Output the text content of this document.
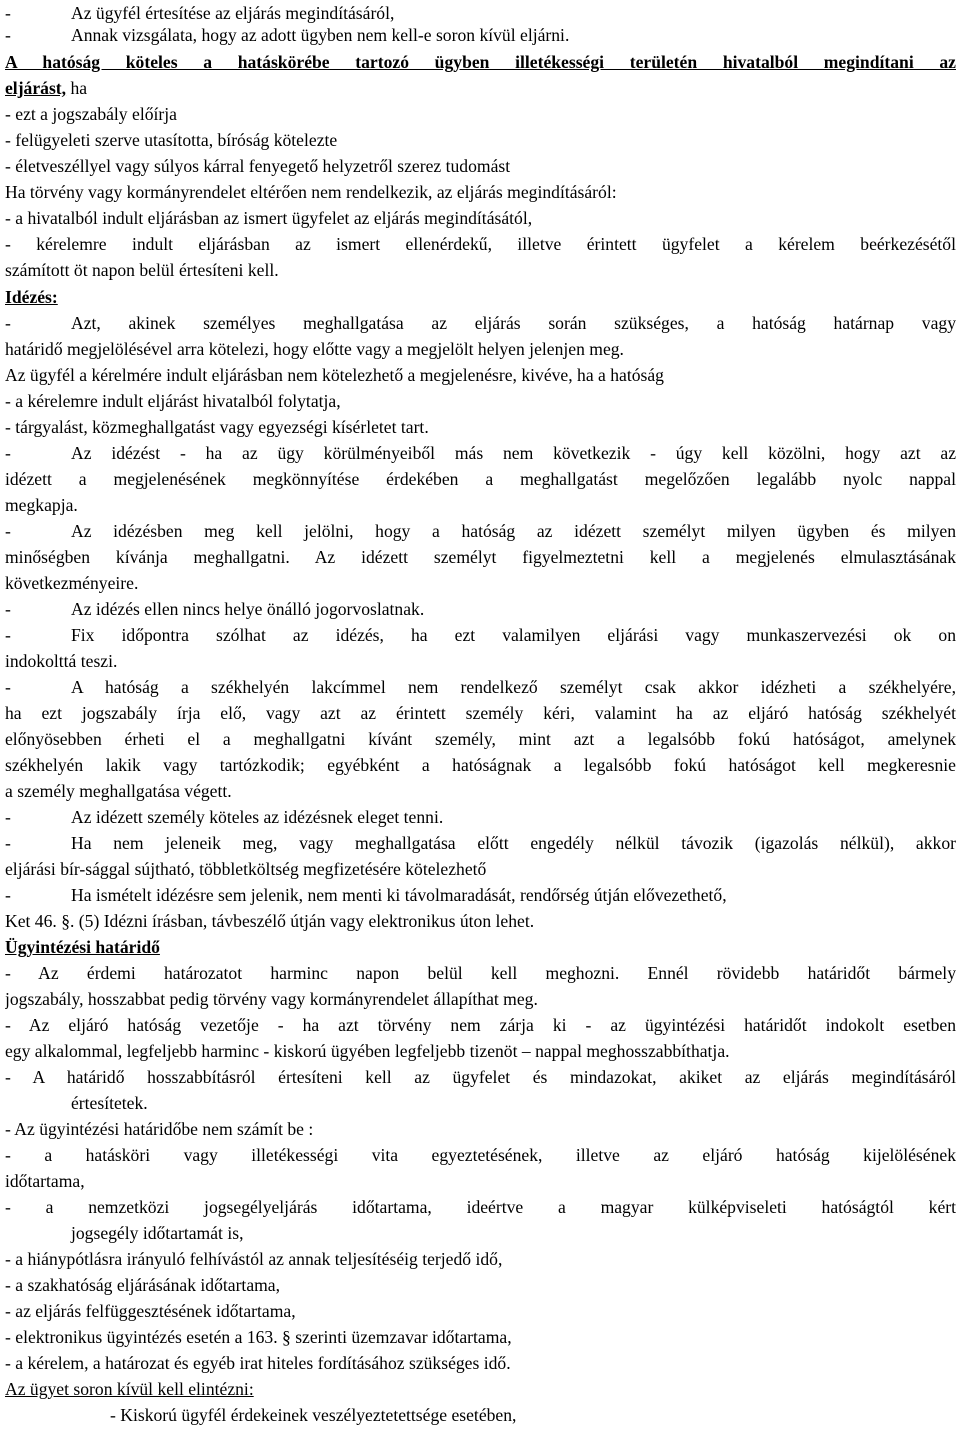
-	Az ügyfél értesítése az eljárás megindításáról,
-	Annak vizsgálata, hogy az adott ügyben nem kell-e soron kívül eljárni.
A hatóság köteles a hatáskörébe tartozó ügyben illetékességi területén hivatalból megindítani az
eljárást, ha
- ezt a jogszabály előírja
- felügyeleti szerve utasította, bíróság kötelezte
- életveszéllyel vagy súlyos kárral fenyegető helyzetről szerez tudomást
Ha törvény vagy kormányrendelet eltérően nem rendelkezik, az eljárás megindításáról:
- a hivatalból indult eljárásban az ismert ügyfelet az eljárás megindításától,
- kérelemre indult eljárásban az ismert ellenérdekű, illetve érintett ügyfelet a kérelem beérkezésétől
számított öt napon belül értesíteni kell.
Idézés:
-	Azt, akinek személyes meghallgatása az eljárás során szükséges, a hatóság határnap vagy
határidő megjelölésével arra kötelezi, hogy előtte vagy a megjelölt helyen jelenjen meg.
Az ügyfél a kérelmére indult eljárásban nem kötelezhető a megjelenésre, kivéve, ha a hatóság
- a kérelemre indult eljárást hivatalból folytatja,
- tárgyalást, közmeghallgatást vagy egyezségi kísérletet tart.
-	Az idézést - ha az ügy körülményeiből más nem következik - úgy kell közölni, hogy azt az
idézett a megjelenésének megkönnyítése érdekében a meghallgatást megelőzően legalább nyolc nappal
megkapja.
-	Az idézésben meg kell jelölni, hogy a hatóság az idézett személyt milyen ügyben és milyen
minőségben kívánja meghallgatni. Az idézett személyt figyelmeztetni kell a megjelenés elmulasztásának
következményeire.
-	Az idézés ellen nincs helye önálló jogorvoslatnak.
-	Fix időpontra szólhat az idézés, ha ezt valamilyen eljárási vagy munkaszervezési ok on
indokolttá teszi.
-	A hatóság a székhelyén lakcímmel nem rendelkező személyt csak akkor idézheti a székhelyére,
ha ezt jogszabály írja elő, vagy azt az érintett személy kéri, valamint ha az eljáró hatóság székhelyét
előnyösebben érheti el a meghallgatni kívánt személy, mint azt a legalsóbb fokú hatóságot, amelynek
székhelyén lakik vagy tartózkodik; egyébként a hatóságnak a legalsóbb fokú hatóságot kell megkeresnie
a személy meghallgatása végett.
-	Az idézett személy köteles az idézésnek eleget tenni.
-	Ha nem jeleneik meg, vagy meghallgatása előtt engedély nélkül távozik (igazolás nélkül), akkor
eljárási bír-sággal sújtható, többletköltség megfizetésére kötelezhető
-	Ha ismételt idézésre sem jelenik, nem menti ki távolmaradását, rendőrség útján elővezethető,
Ket 46. §. (5) Idézni írásban, távbeszélő útján vagy elektronikus úton lehet.
Ügyintézési határidő
- Az érdemi határozatot harminc napon belül kell meghozni. Ennél rövidebb határidőt bármely
jogszabály, hosszabbat pedig törvény vagy kormányrendelet állapíthat meg.
- Az eljáró hatóság vezetője - ha azt törvény nem zárja ki - az ügyintézési határidőt indokolt esetben
egy alkalommal, legfeljebb harminc - kiskorú ügyében legfeljebb tizenöt – nappal meghosszabbíthatja.
- A határidő hosszabbításról értesíteni kell az ügyfelet és mindazokat, akiket az eljárás megindításáról
értesítetek.
- Az ügyintézési határidőbe nem számít be :
- a hatásköri vagy illetékességi vita egyeztetésének, illetve az eljáró hatóság kijelölésének
időtartama,
- a nemzetközi jogsegélyeljárás időtartama, ideértve a magyar külképviseleti hatóságtól kért
jogsegély időtartamát is,
- a hiánypótlásra irányuló felhívástól az annak teljesítéséig terjedő idő,
- a szakhatóság eljárásának időtartama,
- az eljárás felfüggesztésének időtartama,
- elektronikus ügyintézés esetén a 163. § szerinti üzemzavar időtartama,
- a kérelem, a határozat és egyéb irat hiteles fordításához szükséges idő.
Az ügyet soron kívül kell elintézni:
- Kiskorú ügyfél érdekeinek veszélyeztetettsége esetében,
